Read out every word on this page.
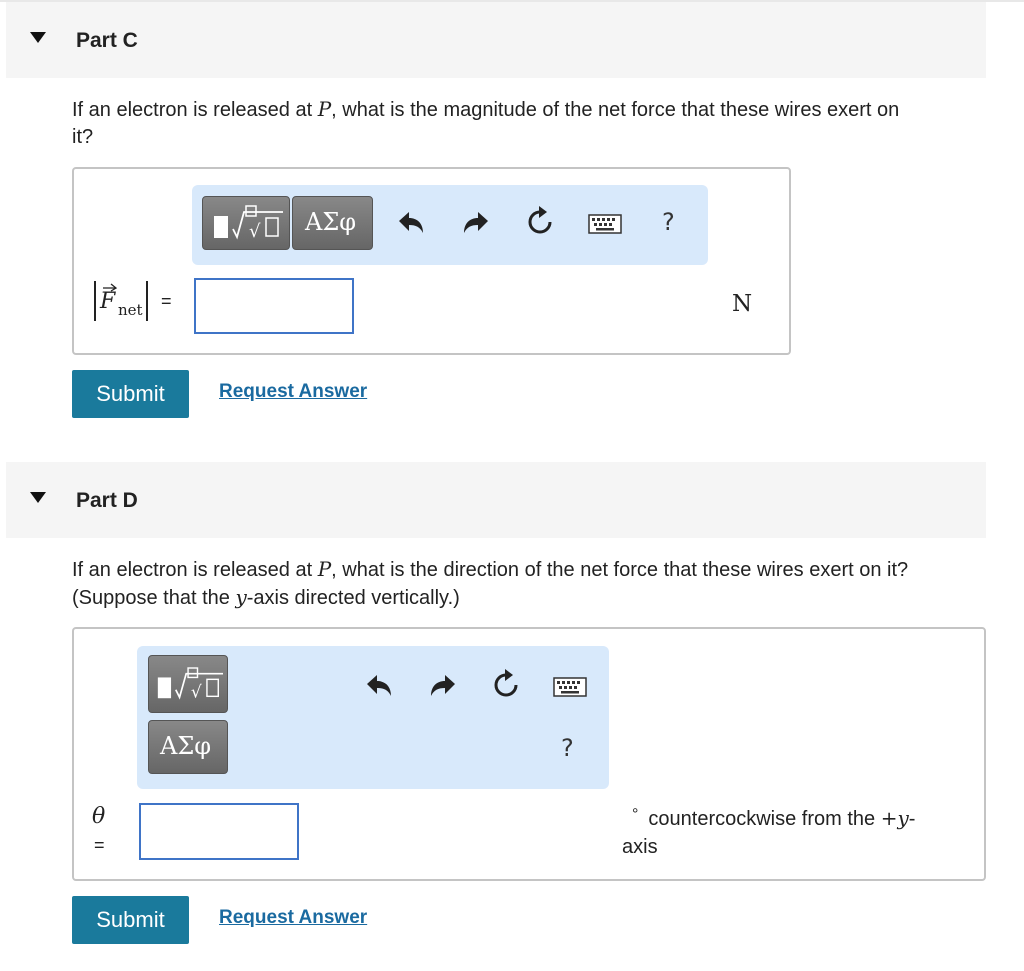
Part C
If an electron is released at P, what is the magnitude of the net force that these wires exert on
it?
√ ΑΣφ	?
F net =	N
Submit	Request Answer
Part D
If an electron is released at P, what is the direction of the net force that these wires exert on it?
(Suppose that the y-axis directed vertically.)
√
ΑΣφ	?
θ
=
° countercockwise from the +y-
axis
Submit	Request Answer
